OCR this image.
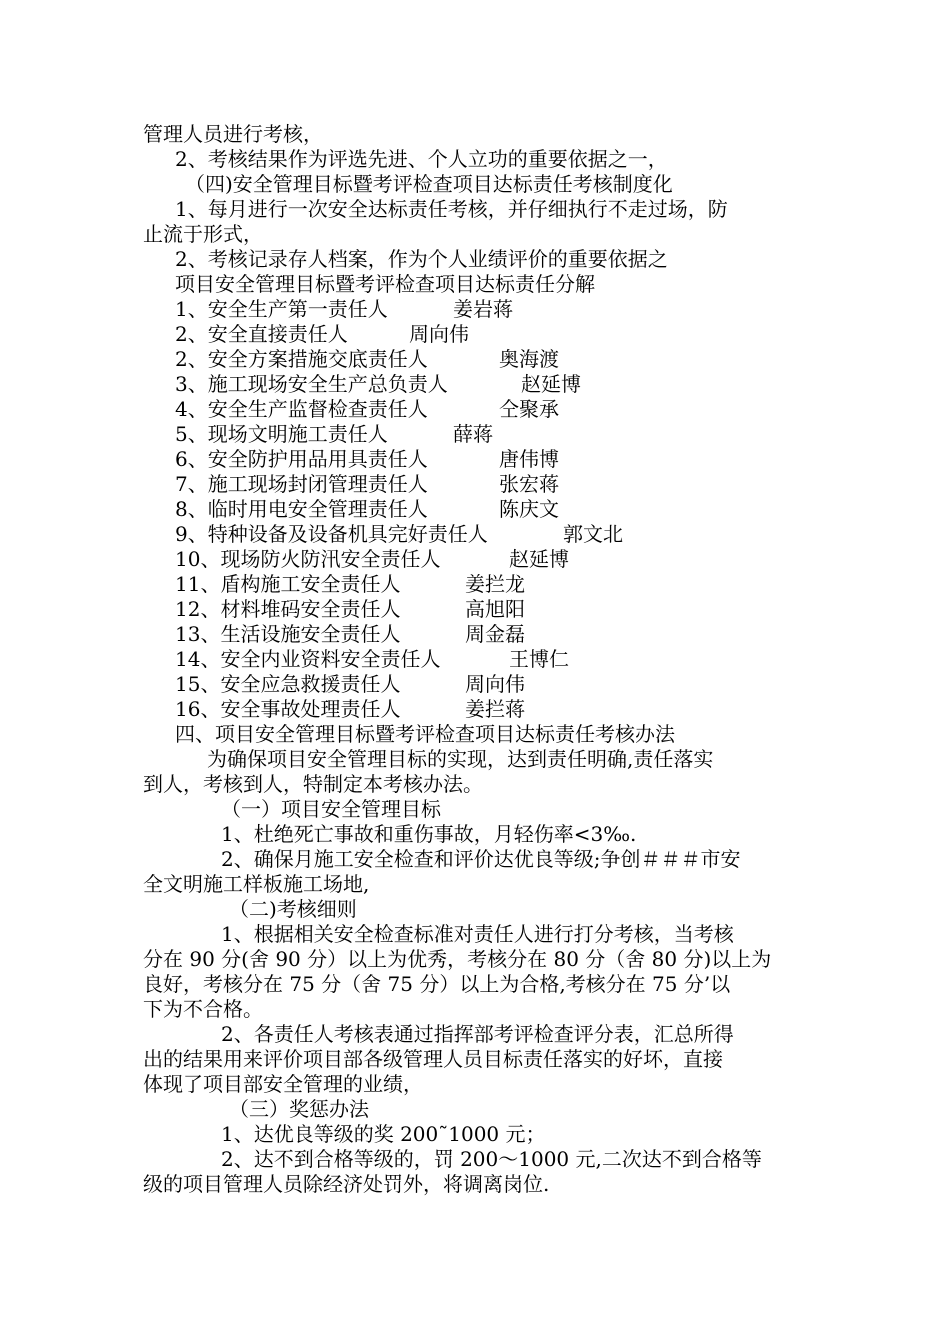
管理人员进行考核，
2、考核结果作为评选先进、个人立功的重要依据之一，
（四)安全管理目标暨考评检查项目达标责任考核制度化
1、每月进行一次安全达标责任考核，并仔细执行不走过场，防
止流于形式，
2、考核记录存人档案，作为个人业绩评价的重要依据之
项目安全管理目标暨考评检查项目达标责任分解
1、安全生产第一责任人	姜岩蒋
2、安全直接责任人	周向伟
2、安全方案措施交底责任人	奥海渡
3、施工现场安全生产总负责人	赵延博
4、安全生产监督检查责任人	仝聚承
5、现场文明施工责任人	薛蒋
6、安全防护用品用具责任人	唐伟博
7、施工现场封闭管理责任人	张宏蒋
8、临时用电安全管理责任人	陈庆文
9、特种设备及设备机具完好责任人	郭文北
10、现场防火防汛安全责任人	赵延博
11、盾构施工安全责任人	姜拦龙
12、材料堆码安全责任人	高旭阳
13、生活设施安全责任人	周金磊
14、安全内业资料安全责任人	王博仁
15、安全应急救援责任人	周向伟
16、安全事故处理责任人	姜拦蒋
四、项目安全管理目标暨考评检查项目达标责任考核办法
为确保项目安全管理目标的实现，达到责任明确,责任落实
到人，考核到人，特制定本考核办法。
（一）项目安全管理目标
1、杜绝死亡事故和重伤事故，月轻伤率<3‰.
2、确保月施工安全检查和评价达优良等级;争创＃＃＃市安
全文明施工样板施工场地,
（二)考核细则
1、根据相关安全检查标准对责任人进行打分考核，当考核
分在 90 分(舍 90 分）以上为优秀，考核分在 80 分（舍 80 分)以上为
良好，考核分在 75 分（舍 75 分）以上为合格,考核分在 75 分’以
下为不合格。
2、各责任人考核表通过指挥部考评检查评分表，汇总所得
出的结果用来评价项目部各级管理人员目标责任落实的好坏，直接
体现了项目部安全管理的业绩，
（三）奖惩办法
1、达优良等级的奖 200˜1000 元；
2、达不到合格等级的，罚 200～1000 元,二次达不到合格等
级的项目管理人员除经济处罚外，将调离岗位.
